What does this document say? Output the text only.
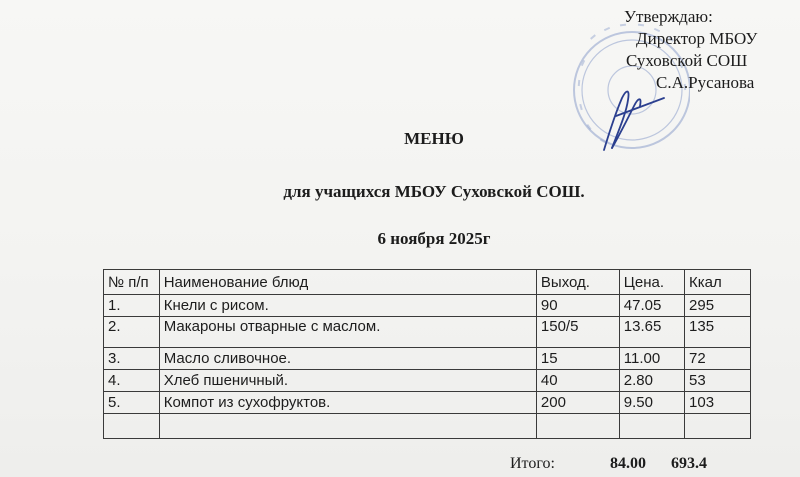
Утверждаю:
Директор МБОУ
Суховской СОШ
С.А.Русанова
МЕНЮ
для учащихся МБОУ Суховской СОШ.
6 ноября 2025г
№ п/п	Наименование блюд	Выход.	Цена.	Ккал
1.	Кнели с рисом.	90	47.05	295
2.	Макароны отварные с маслом.	150/5	13.65	135
3.	Масло сливочное.	15	11.00	72
4.	Хлеб пшеничный.	40	2.80	53
5.	Компот из сухофруктов.	200	9.50	103

Итого:	84.00 693.4
